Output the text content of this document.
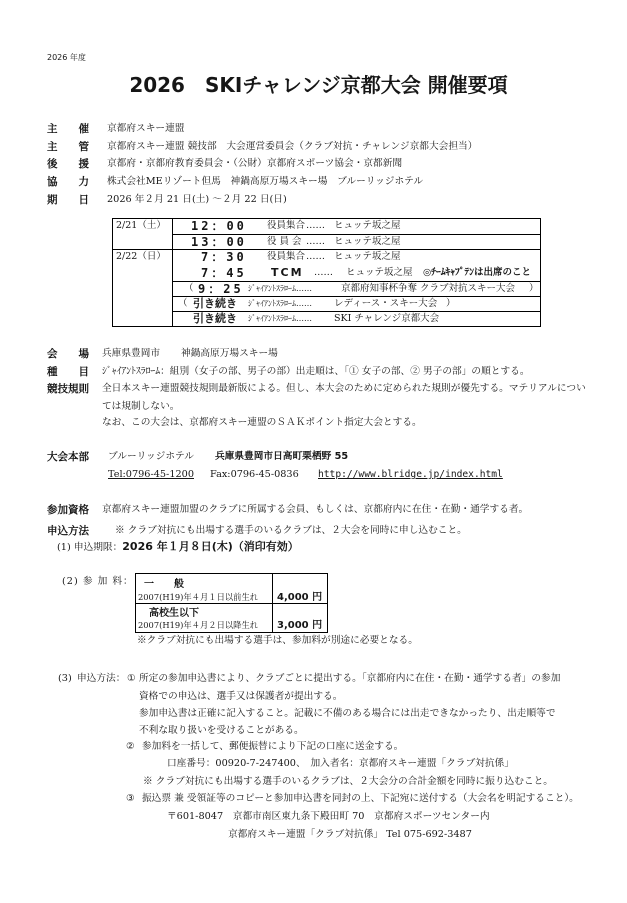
2026 年度
2026　SKIチャレンジ京都大会 開催要項
主　　催 京都府スキー連盟
主　　管 京都府スキー連盟 競技部　大会運営委員会（クラブ対抗・チャレンジ京都大会担当）
後　　援 京都府・京都府教育委員会・（公財）京都府スポーツ協会・京都新聞
協　　力 株式会社MEリゾート但馬　神鍋高原万場スキー場　ブルーリッジホテル
期　　日 2026 年２月 21 日(土) ～２月 22 日(日)
2/21（土） 12：00 役員集合 …… ヒュッテ坂之屋
13：00 役 員 会 …… ヒュッテ坂之屋
2/22（日）	7：30 役員集合 …… ヒュッテ坂之屋
7：45 TCM …… ヒュッテ坂之屋 ◎ﾁｰﾑｷｬﾌﾟﾃﾝは出席のこと
（ 9：25 ｼﾞｬｲｱﾝﾄｽﾗﾛｰﾑ……	京都府知事杯争奪 クラブ対抗スキー大会 ）
（ 引き続き ｼﾞｬｲｱﾝﾄｽﾗﾛｰﾑ…… レディース・スキー大会 ）
引き続き ｼﾞｬｲｱﾝﾄｽﾗﾛｰﾑ…… SKI チャレンジ京都大会
会　　場 兵庫県豊岡市 神鍋高原万場スキー場
種　　目 ｼﾞｬｲｱﾝﾄｽﾗﾛｰﾑ：組別（女子の部、男子の部）出走順は、「① 女子の部、② 男子の部」の順とする。
競技規則 全日本スキー連盟競技規則最新版による。但し、本大会のために定められた規則が優先する。マテリアルについ
ては規制しない。
なお、この大会は、京都府スキー連盟のＳＡＫポイント指定大会とする。
大会本部 ブルーリッジホテル 兵庫県豊岡市日高町栗栖野 55
Tel:0796-45-1200 Fax:0796-45-0836 http://www.blridge.jp/index.html
参加資格 京都府スキー連盟加盟のクラブに所属する会員、もしくは、京都府内に在住・在勤・通学する者。
申込方法	※ クラブ対抗にも出場する選手のいるクラブは、２大会を同時に申し込むこと。
(1) 申込期限：2026 年１月８日(木)（消印有効）
(2) 参 加 料： 一　　般
2007(H19)年４月１日以前生れ 4,000 円
高校生以下
2007(H19)年４月２日以降生れ 3,000 円
※クラブ対抗にも出場する選手は、参加料が別途に必要となる。
(3) 申込方法： ① 所定の参加申込書により、クラブごとに提出する。「京都府内に在住・在勤・通学する者」の参加
資格での申込は、選手又は保護者が提出する。
参加申込書は正確に記入すること。記載に不備のある場合には出走できなかったり、出走順等で
不利な取り扱いを受けることがある。
② 参加料を一括して、郵便振替により下記の口座に送金する。
口座番号：00920-7-247400、　加入者名：京都府スキー連盟「クラブ対抗係」
※ クラブ対抗にも出場する選手のいるクラブは、２大会分の合計金額を同時に振り込むこと。
③ 振込票 兼 受領証等のコピーと参加申込書を同封の上、下記宛に送付する（大会名を明記すること）。
〒601-8047　京都市南区東九条下殿田町 70　京都府スポーツセンター内
京都府スキー連盟「クラブ対抗係」 Tel 075-692-3487
